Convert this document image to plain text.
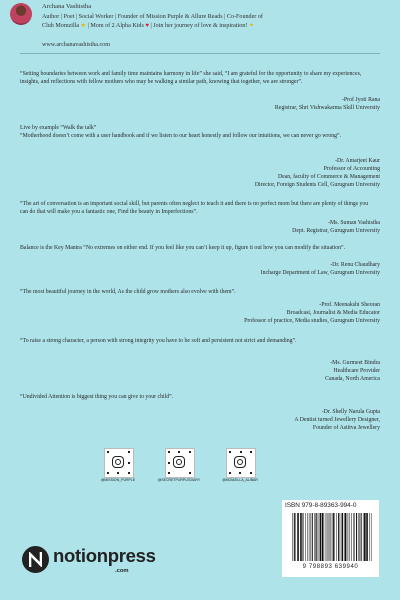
Archana Vashistha
Author | Poet | Social Worker | Founder of Mission Purple & Allure Reads | Co-Founder of
Club Momzilla ★ | Mom of 2 Alpha Kids ♥ | Join her journey of love & inspiration! ✦
www.archanavashistha.com
“Setting boundaries between work and family time maintains harmony in life” she said, “I am grateful for the opportunity to share my experiences, insights, and reflections with fellow mothers who may be walking a similar path, knowing that together, we are stronger”.
-Prof Jyoti Rana
Registrar, Shri Vishwakarma Skill University
Live by example “Walk the talk”
“Motherhood doesn’t come with a user handbook and if we listen to our heart honestly and follow our intuitions, we can never go wrong”.
-Dr. Amarjeet Kaur
Professor of Accounting
Dean, faculty of Commerce & Management
Director, Foreign Students Cell, Gurugram University
“The art of conversation is an important social skill, but parents often neglect to teach it and there is no perfect mom but there are plenty of things you can do that will make you a fantastic one, Find the beauty in Imperfections”.
-Ms. Suman Vashistha
Dept. Registrar, Gurugram University
Balance is the Key Mantra “No extremes on either end. If you feel like you can’t keep it up, figure it out how you can modify the situation”.
-Dr. Renu Chaudhary
Incharge Department of Law, Gurugram University
“The most beautiful journey in the world, As the child grow mothers also evolve with them”.
-Prof. Meenakshi Sheoran
Broadcast, Journalist & Media Educator
Professor of practice, Media studies, Gurugram University
“To raise a strong character, a person with strong integrity you have to be soft and persistent not strict and demanding”.
-Ms. Gurmeet Bindra
Healthcare Provider
Canada, North America
“Undivided Attention is biggest thing you can give to your child”.
-Dr. Shelly Narula Gupta
A Dentist turned Jewellery Designer,
Founder of Astitva Jewellery
@MISSION_PURPLE	@SECRETPURPLEDIARY	@MOMZILLA_ALIBAR
ISBN 979-8-89363-994-0
9 798893 639940
notionpress
.com
